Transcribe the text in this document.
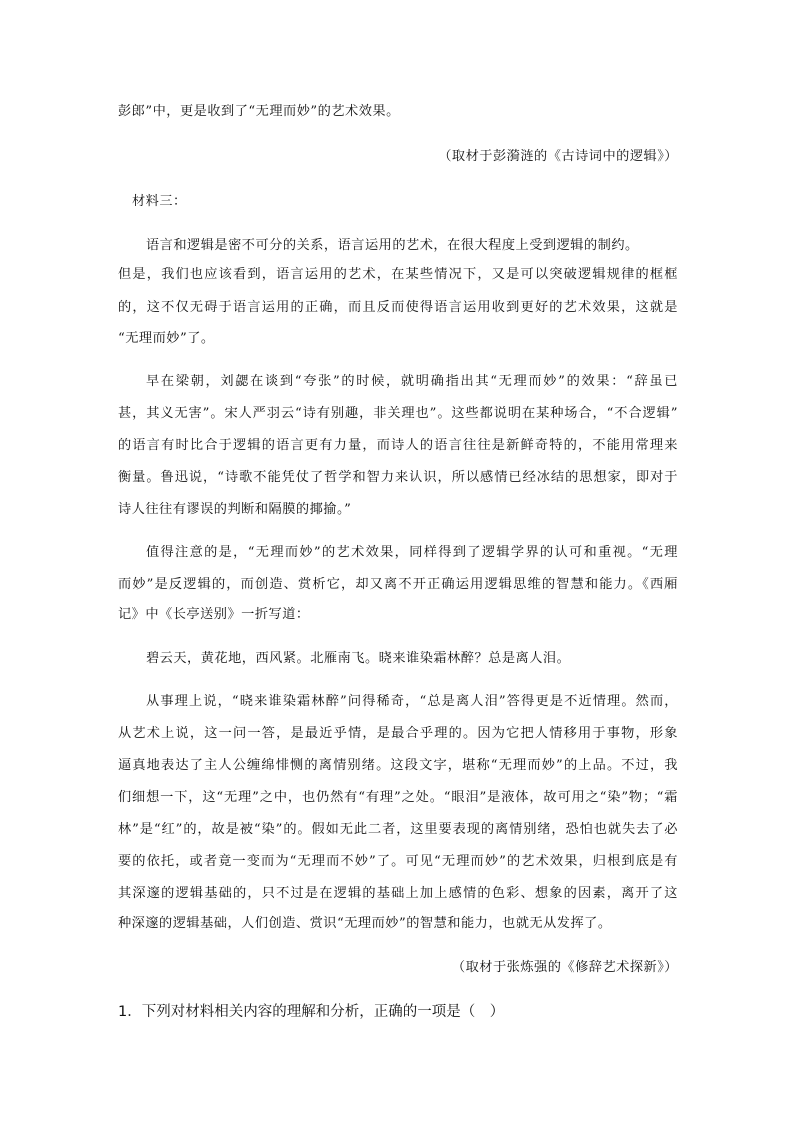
彭郎”中，更是收到了“无理而妙”的艺术效果。
（取材于彭漪涟的《古诗词中的逻辑》）
材料三：
语言和逻辑是密不可分的关系，语言运用的艺术，在很大程度上受到逻辑的制约。
但是，我们也应该看到，语言运用的艺术，在某些情况下，又是可以突破逻辑规律的框框
的，这不仅无碍于语言运用的正确，而且反而使得语言运用收到更好的艺术效果，这就是
“无理而妙”了。
早在梁朝，刘勰在谈到“夸张”的时候，就明确指出其“无理而妙”的效果：“辞虽已
甚，其义无害”。宋人严羽云“诗有别趣，非关理也”。这些都说明在某种场合，“不合逻辑”
的语言有时比合于逻辑的语言更有力量，而诗人的语言往往是新鲜奇特的，不能用常理来
衡量。鲁迅说，“诗歌不能凭仗了哲学和智力来认识，所以感情已经冰结的思想家，即对于
诗人往往有谬误的判断和隔膜的揶揄。”
值得注意的是，“无理而妙”的艺术效果，同样得到了逻辑学界的认可和重视。“无理
而妙”是反逻辑的，而创造、赏析它，却又离不开正确运用逻辑思维的智慧和能力。《西厢
记》中《长亭送别》一折写道：
碧云天，黄花地，西风紧。北雁南飞。晓来谁染霜林醉？总是离人泪。
从事理上说，“晓来谁染霜林醉”问得稀奇，“总是离人泪”答得更是不近情理。然而，
从艺术上说，这一问一答，是最近乎情，是最合乎理的。因为它把人情移用于事物，形象
逼真地表达了主人公缠绵悱恻的离情别绪。这段文字，堪称“无理而妙”的上品。不过，我
们细想一下，这“无理”之中，也仍然有“有理”之处。“眼泪”是液体，故可用之“染”物；“霜
林”是“红”的，故是被“染”的。假如无此二者，这里要表现的离情别绪，恐怕也就失去了必
要的依托，或者竟一变而为“无理而不妙”了。可见“无理而妙”的艺术效果，归根到底是有
其深邃的逻辑基础的，只不过是在逻辑的基础上加上感情的色彩、想象的因素，离开了这
种深邃的逻辑基础，人们创造、赏识“无理而妙”的智慧和能力，也就无从发挥了。
（取材于张炼强的《修辞艺术探新》）
1．下列对材料相关内容的理解和分析，正确的一项是（　）
